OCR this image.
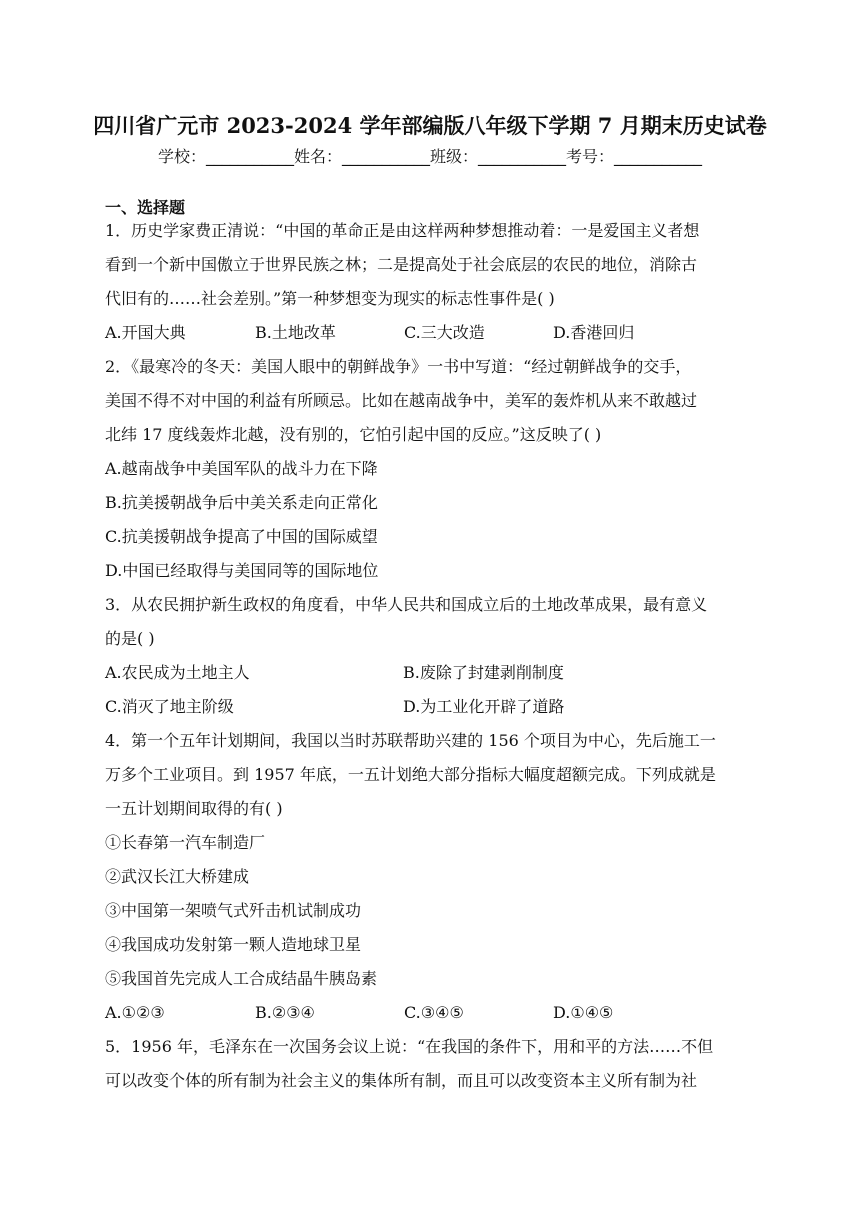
四川省广元市 2023-2024 学年部编版八年级下学期 7 月期末历史试卷
学校：___________姓名：___________班级：___________考号：___________
一、选择题
1．历史学家费正清说：“中国的革命正是由这样两种梦想推动着：一是爱国主义者想
看到一个新中国傲立于世界民族之林；二是提高处于社会底层的农民的地位，消除古
代旧有的……社会差别。”第一种梦想变为现实的标志性事件是( )
A.开国大典	B.土地改革	C.三大改造	D.香港回归
2．《最寒冷的冬天：美国人眼中的朝鲜战争》一书中写道：“经过朝鲜战争的交手，
美国不得不对中国的利益有所顾忌。比如在越南战争中，美军的轰炸机从来不敢越过
北纬 17 度线轰炸北越，没有别的，它怕引起中国的反应。”这反映了( )
A.越南战争中美国军队的战斗力在下降
B.抗美援朝战争后中美关系走向正常化
C.抗美援朝战争提高了中国的国际威望
D.中国已经取得与美国同等的国际地位
3．从农民拥护新生政权的角度看，中华人民共和国成立后的土地改革成果，最有意义
的是( )
A.农民成为土地主人	B.废除了封建剥削制度
C.消灭了地主阶级	D.为工业化开辟了道路
4．第一个五年计划期间，我国以当时苏联帮助兴建的 156 个项目为中心，先后施工一
万多个工业项目。到 1957 年底，一五计划绝大部分指标大幅度超额完成。下列成就是
一五计划期间取得的有( )
①长春第一汽车制造厂
②武汉长江大桥建成
③中国第一架喷气式歼击机试制成功
④我国成功发射第一颗人造地球卫星
⑤我国首先完成人工合成结晶牛胰岛素
A.①②③	B.②③④	C.③④⑤	D.①④⑤
5．1956 年，毛泽东在一次国务会议上说：“在我国的条件下，用和平的方法……不但
可以改变个体的所有制为社会主义的集体所有制，而且可以改变资本主义所有制为社
